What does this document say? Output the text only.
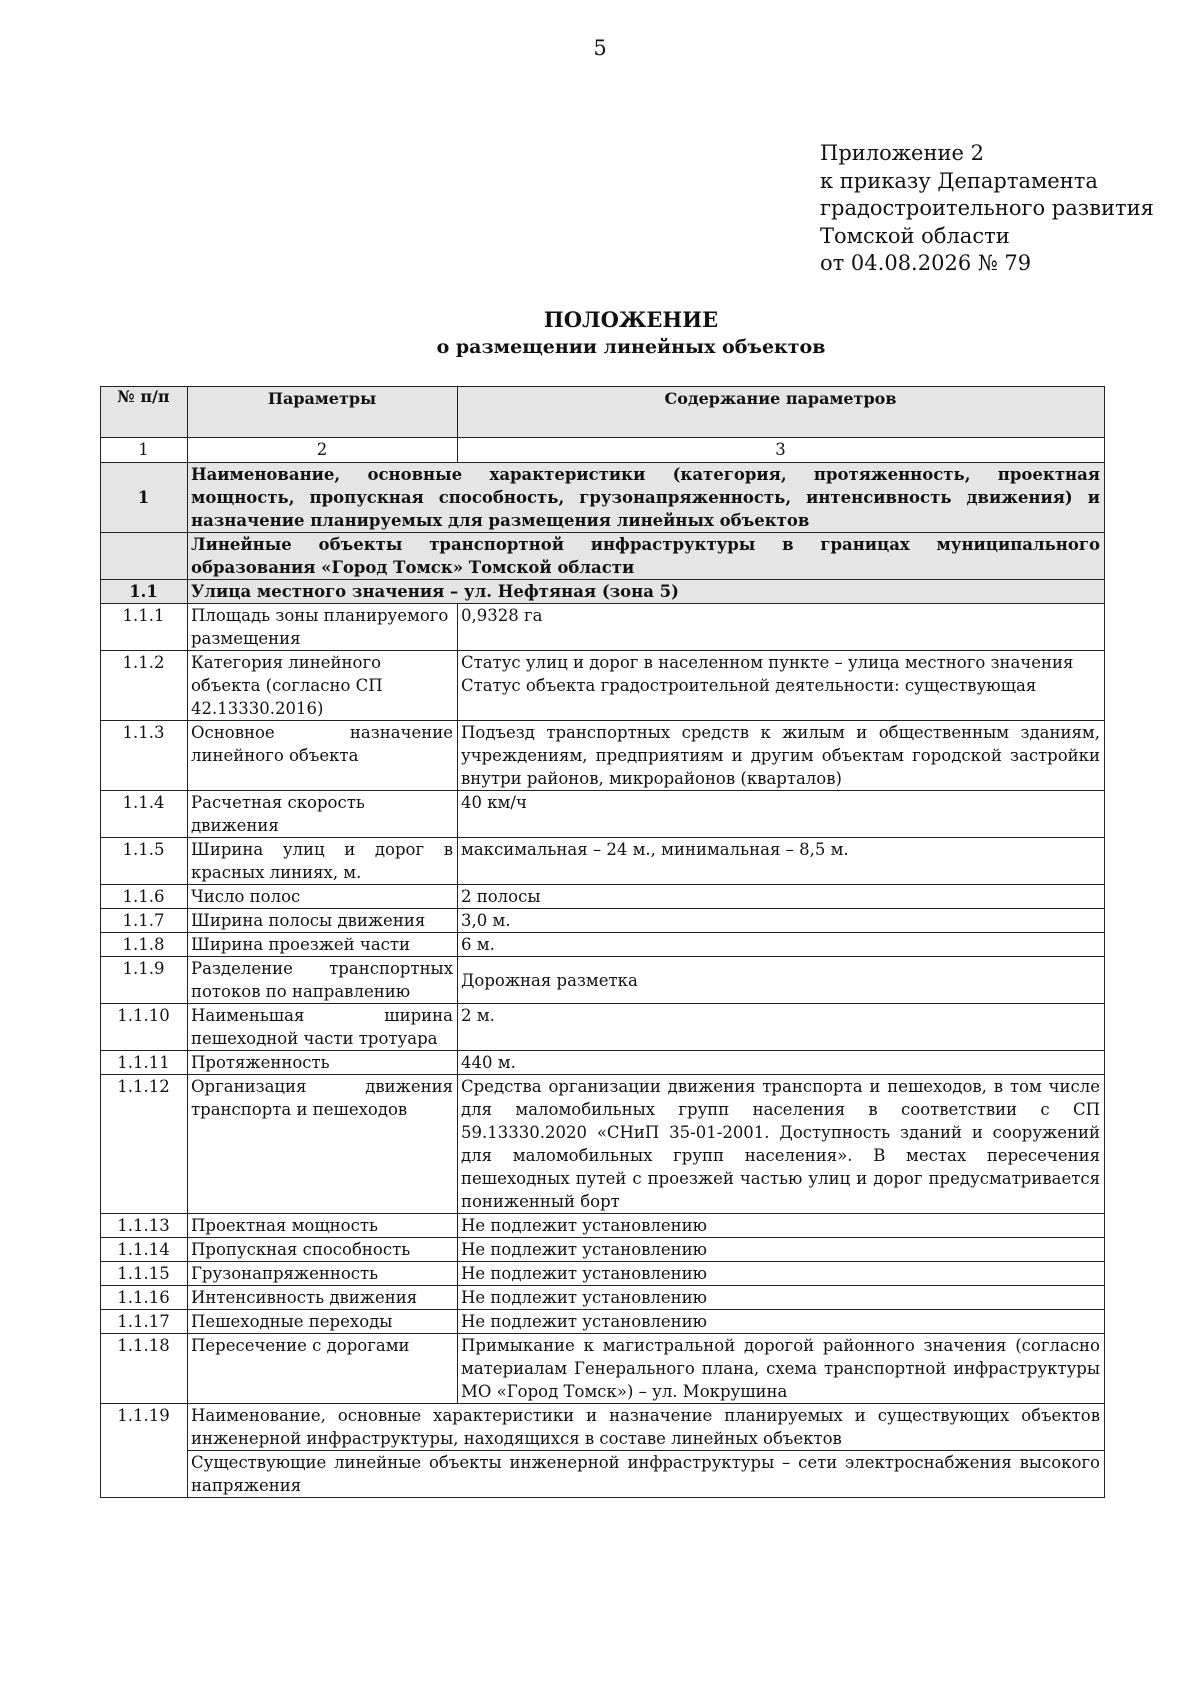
5
Приложение 2
к приказу Департамента
градостроительного развития
Томской области
от 04.08.2026 № 79
ПОЛОЖЕНИЕ
о размещении линейных объектов
№ п/п	Параметры	Содержание параметров
1	2	3
1	Наименование, основные характеристики (категория, протяженность, проектная мощность, пропускная способность, грузонапряженность, интенсивность движения) и назначение планируемых для размещения линейных объектов	
	Линейные объекты транспортной инфраструктуры в границах муниципального образования «Город Томск» Томской области	
1.1	Улица местного значения – ул. Нефтяная (зона 5)	
1.1.1	Площадь зоны планируемого размещения	0,9328 га
1.1.2	Категория линейного объекта (согласно СП 42.13330.2016)	Статус улиц и дорог в населенном пункте – улица местного значения
Статус объекта градостроительной деятельности: существующая
1.1.3	Основное назначение линейного объекта	Подъезд транспортных средств к жилым и общественным зданиям, учреждениям, предприятиям и другим объектам городской застройки внутри районов, микрорайонов (кварталов)
1.1.4	Расчетная скорость движения	40 км/ч
1.1.5	Ширина улиц и дорог в красных линиях, м.	максимальная – 24 м., минимальная – 8,5 м.
1.1.6	Число полос	2 полосы
1.1.7	Ширина полосы движения	3,0 м.
1.1.8	Ширина проезжей части	6 м.
1.1.9	Разделение транспортных потоков по направлению	Дорожная разметка
1.1.10	Наименьшая ширина пешеходной части тротуара	2 м.
1.1.11	Протяженность	440 м.
1.1.12	Организация движения транспорта и пешеходов	Средства организации движения транспорта и пешеходов, в том числе для маломобильных групп населения в соответствии с СП 59.13330.2020 «СНиП 35-01-2001. Доступность зданий и сооружений для маломобильных групп населения». В местах пересечения пешеходных путей с проезжей частью улиц и дорог предусматривается пониженный борт
1.1.13	Проектная мощность	Не подлежит установлению
1.1.14	Пропускная способность	Не подлежит установлению
1.1.15	Грузонапряженность	Не подлежит установлению
1.1.16	Интенсивность движения	Не подлежит установлению
1.1.17	Пешеходные переходы	Не подлежит установлению
1.1.18	Пересечение с дорогами	Примыкание к магистральной дорогой районного значения (согласно материалам Генерального плана, схема транспортной инфраструктуры МО «Город Томск») – ул. Мокрушина
1.1.19	Наименование, основные характеристики и назначение планируемых и существующих объектов инженерной инфраструктуры, находящихся в составе линейных объектов	
	Существующие линейные объекты инженерной инфраструктуры – сети электроснабжения высокого напряжения	
